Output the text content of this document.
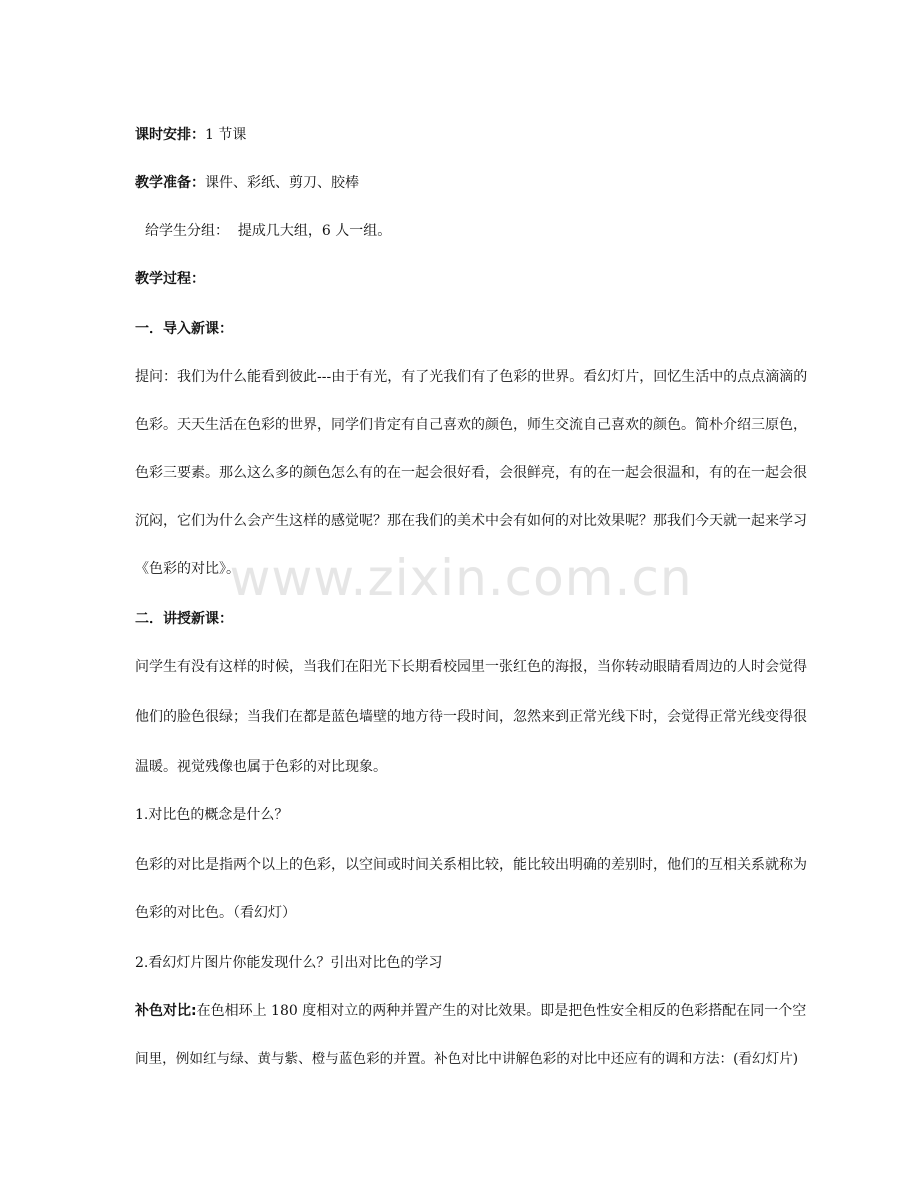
www.zixin.com.cn
课时安排：1 节课
教学准备：课件、彩纸、剪刀、胶棒
给学生分组：  提成几大组，6 人一组。
教学过程：
一．导入新课：
提问：我们为什么能看到彼此---由于有光，有了光我们有了色彩的世界。看幻灯片，回忆生活中的点点滴滴的
色彩。天天生活在色彩的世界，同学们肯定有自己喜欢的颜色，师生交流自己喜欢的颜色。简朴介绍三原色，
色彩三要素。那么这么多的颜色怎么有的在一起会很好看，会很鲜亮，有的在一起会很温和，有的在一起会很
沉闷，它们为什么会产生这样的感觉呢？那在我们的美术中会有如何的对比效果呢？那我们今天就一起来学习
《色彩的对比》。
二．讲授新课：
问学生有没有这样的时候，当我们在阳光下长期看校园里一张红色的海报，当你转动眼睛看周边的人时会觉得
他们的脸色很绿；当我们在都是蓝色墙壁的地方待一段时间，忽然来到正常光线下时，会觉得正常光线变得很
温暖。视觉残像也属于色彩的对比现象。
1.对比色的概念是什么？
色彩的对比是指两个以上的色彩，以空间或时间关系相比较，能比较出明确的差别时，他们的互相关系就称为
色彩的对比色。（看幻灯）
2.看幻灯片图片你能发现什么？引出对比色的学习
补色对比:在色相环上 180 度相对立的两种并置产生的对比效果。即是把色性安全相反的色彩搭配在同一个空
间里，例如红与绿、黄与紫、橙与蓝色彩的并置。补色对比中讲解色彩的对比中还应有的调和方法：(看幻灯片)
